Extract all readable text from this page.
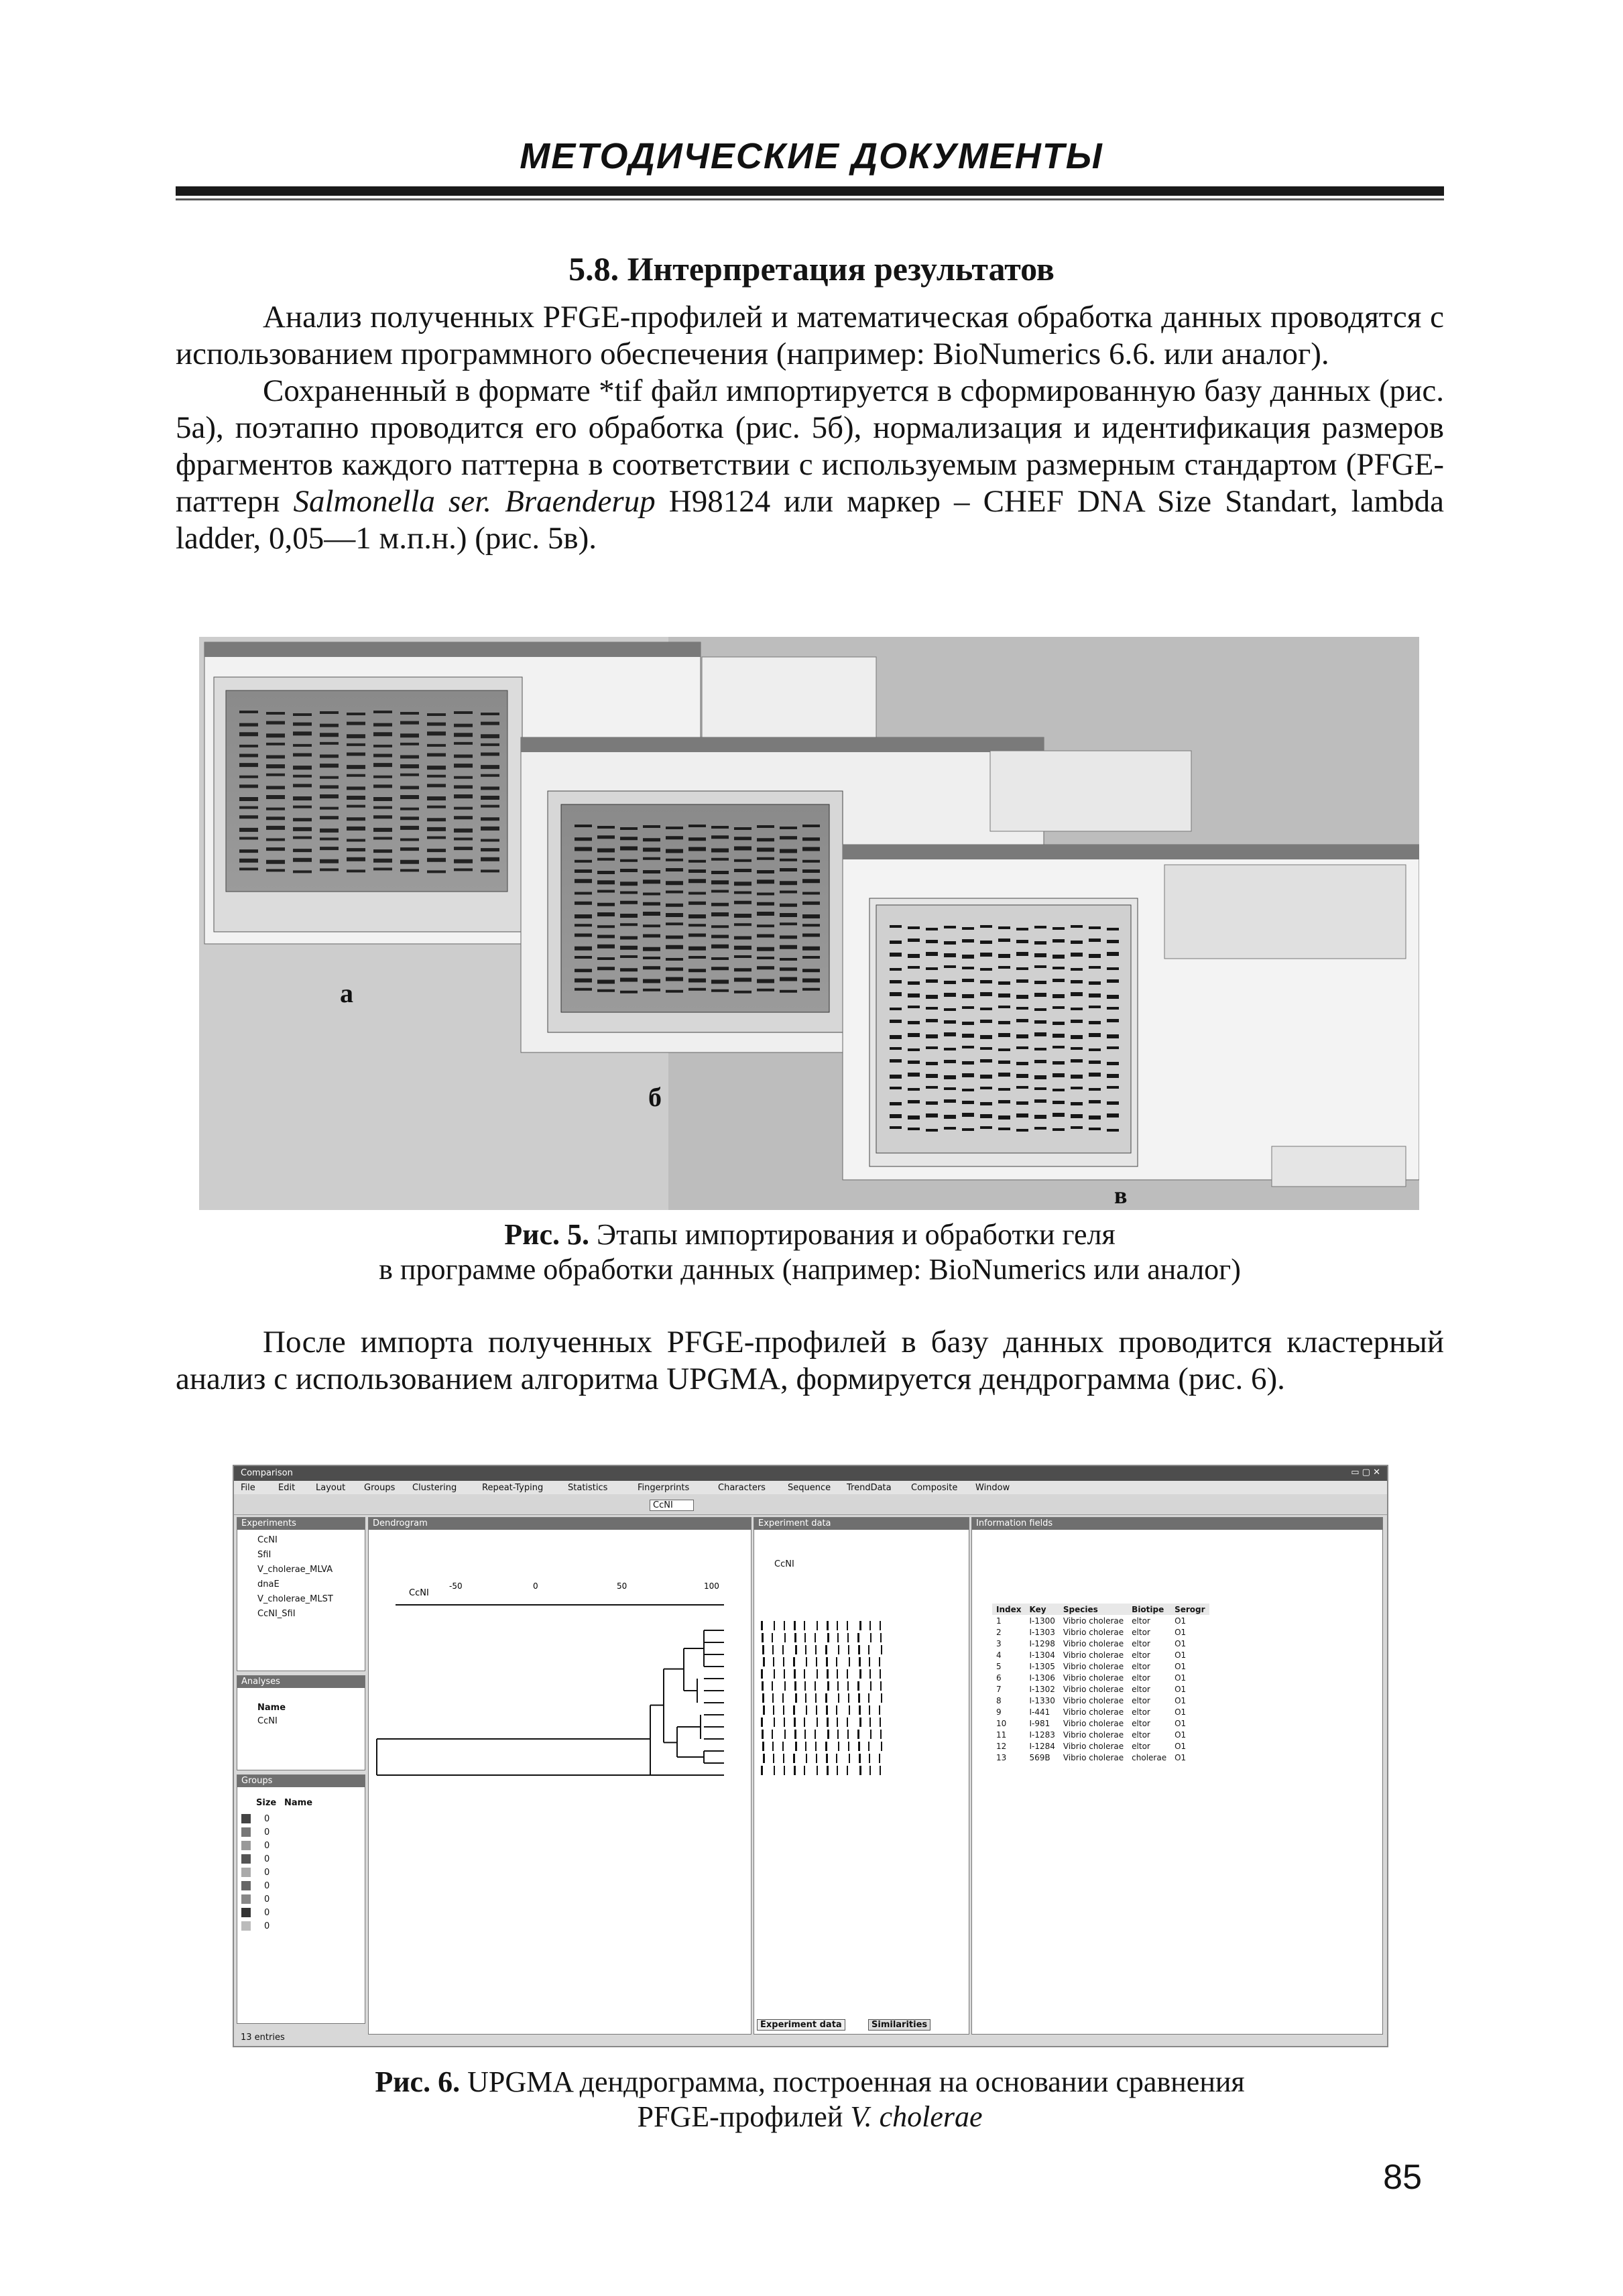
МЕТОДИЧЕСКИЕ ДОКУМЕНТЫ
5.8. Интерпретация результатов

Анализ полученных PFGE-профилей и математическая обработка данных проводятся с использованием программного обеспечения (например: BioNumerics 6.6. или аналог).

Сохраненный в формате *tif файл импортируется в сформированную базу данных (рис. 5а), поэтапно проводится его обработка (рис. 5б), нормализация и идентификация размеров фрагментов каждого паттерна в соответствии с используемым размерным стандартом (PFGE-паттерн Salmonella ser. Braenderup H98124 или маркер – CHEF DNA Size Standart, lambda ladder, 0,05—1 м.п.н.) (рис. 5в).

а
б
в
Рис. 5. Этапы импортирования и обработки геля
в программе обработки данных (например: BioNumerics или аналог)

После импорта полученных PFGE-профилей в базу данных проводится кластерный анализ с использованием алгоритма UPGMA, формируется дендрограмма (рис. 6).

Comparison	▭ ▢ ✕
File	Edit Layout Groups Clustering	Repeat-Typing	Statistics	Fingerprints	Characters	Sequence TrendData Composite Window
CcNI
Experiments
CcNI
SfiI
V_cholerae_MLVA
dnaE
V_cholerae_MLST
CcNI_SfiI
Analyses
Name
CcNI
Groups
Size Name
0
0
0
0
0
0
0
0
0
13 entries
Dendrogram
CcNI
-50	0	50	100
Experiment data
CcNI
Experiment data	Similarities
Information fields
Index	Key	Species	Biotipe	Serogr
1	I-1300	Vibrio cholerae	eltor	O1
2	I-1303	Vibrio cholerae	eltor	O1
3	I-1298	Vibrio cholerae	eltor	O1
4	I-1304	Vibrio cholerae	eltor	O1
5	I-1305	Vibrio cholerae	eltor	O1
6	I-1306	Vibrio cholerae	eltor	O1
7	I-1302	Vibrio cholerae	eltor	O1
8	I-1330	Vibrio cholerae	eltor	O1
9	I-441	Vibrio cholerae	eltor	O1
10	I-981	Vibrio cholerae	eltor	O1
11	I-1283	Vibrio cholerae	eltor	O1
12	I-1284	Vibrio cholerae	eltor	O1
13	569B	Vibrio cholerae	cholerae	O1
Рис. 6. UPGMA дендрограмма, построенная на основании сравнения
PFGE-профилей V. cholerae
85
